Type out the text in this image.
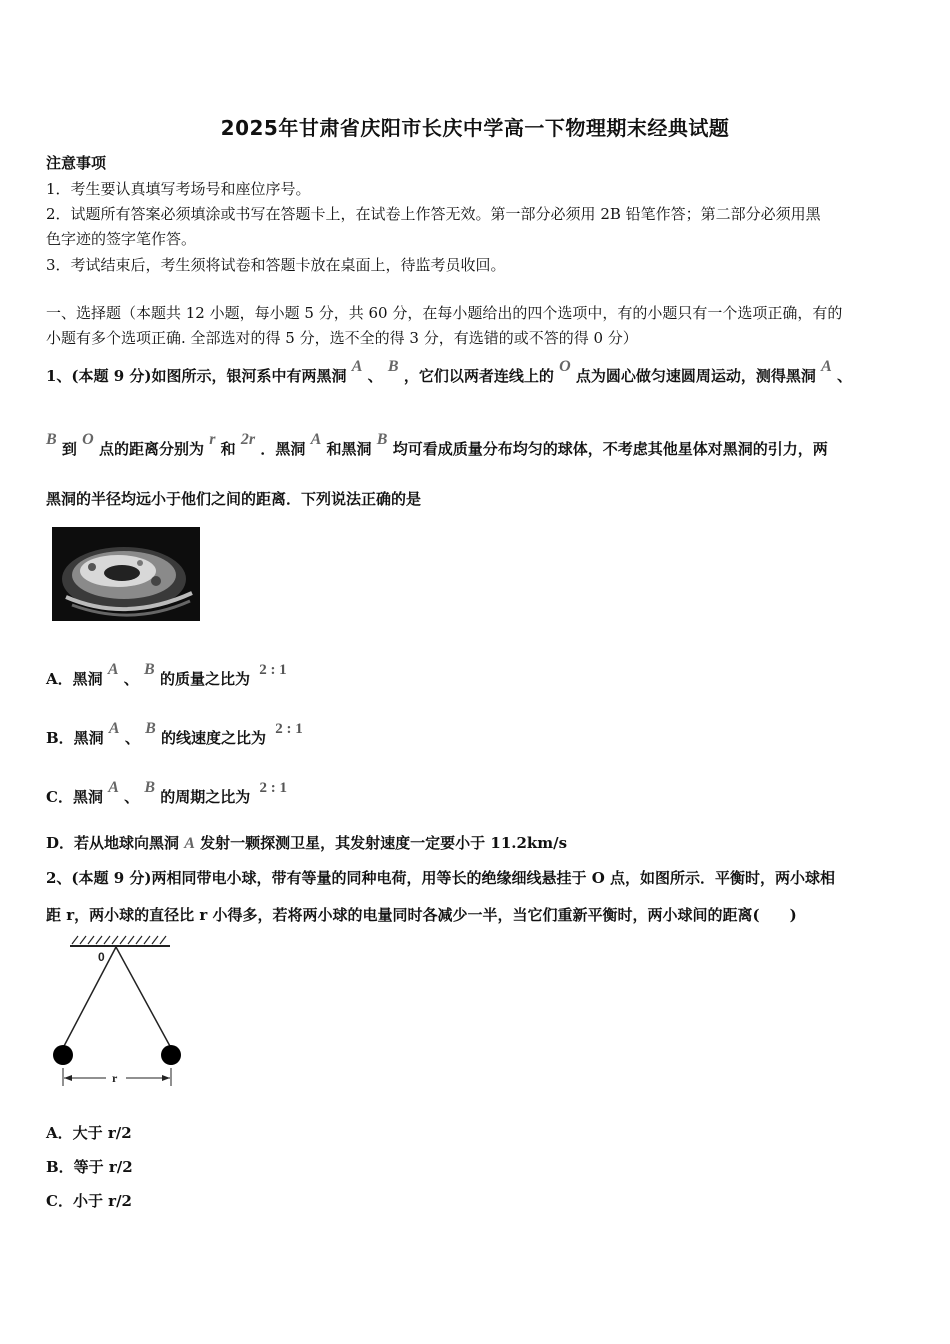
2025年甘肃省庆阳市长庆中学高一下物理期末经典试题
注意事项
1．考生要认真填写考场号和座位序号。
2．试题所有答案必须填涂或书写在答题卡上，在试卷上作答无效。第一部分必须用 2B 铅笔作答；第二部分必须用黑
色字迹的签字笔作答。
3．考试结束后，考生须将试卷和答题卡放在桌面上，待监考员收回。
一、选择题（本题共 12 小题，每小题 5 分，共 60 分，在每小题给出的四个选项中，有的小题只有一个选项正确，有的
小题有多个选项正确. 全部选对的得 5 分，选不全的得 3 分，有选错的或不答的得 0 分）
1、(本题 9 分)如图所示，银河系中有两黑洞 A 、 B ，它们以两者连线上的 O 点为圆心做匀速圆周运动，测得黑洞 A 、
B 到 O 点的距离分别为 r 和 2r ．黑洞 A 和黑洞 B 均可看成质量分布均匀的球体，不考虑其他星体对黑洞的引力，两
黑洞的半径均远小于他们之间的距离．下列说法正确的是
A．黑洞 A 、 B 的质量之比为 2 : 1
B．黑洞 A 、 B 的线速度之比为 2 : 1
C．黑洞 A 、 B 的周期之比为 2 : 1
D．若从地球向黑洞 A 发射一颗探测卫星，其发射速度一定要小于 11.2km/s
2、(本题 9 分)两相同带电小球，带有等量的同种电荷，用等长的绝缘细线悬挂于 O 点，如图所示．平衡时，两小球相
距 r，两小球的直径比 r 小得多，若将两小球的电量同时各减少一半，当它们重新平衡时，两小球间的距离(　　)
0
r
A．大于 r/2
B．等于 r/2
C．小于 r/2
